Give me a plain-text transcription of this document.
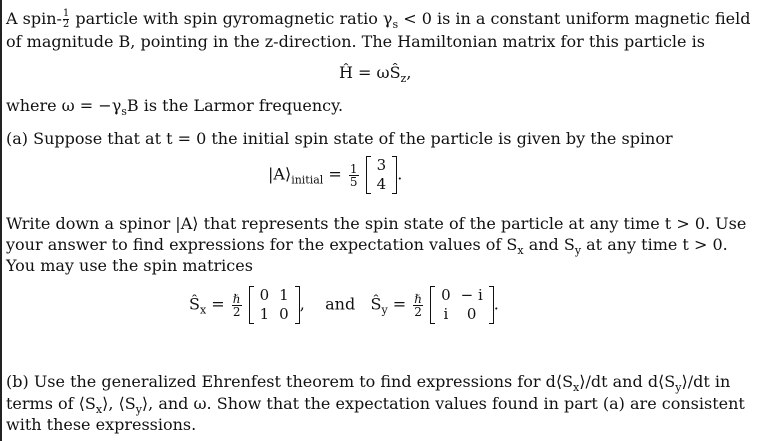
A spin- $\frac{1}{2}$ particle with spin gyromagnetic ratio $\gamma_s < 0$ is in a constant uniform magnetic field
of magnitude B, pointing in the z-direction. The Hamiltonian matrix for this particle is
Ĥ = $\omega Ŝ_z$,
where $\omega = -\gamma_sB$ is the Larmor frequency.
(a) Suppose that at t = 0 the initial spin state of the particle is given by the spinor
$|A⟩_{initial} = \frac{1}{5}$
3
4
.
Write down a spinor |A⟩ that represents the spin state of the particle at any time t > 0. Use
your answer to find expressions for the expectation values of $S_x$ and $S_y$ at any time t > 0.
You may use the spin matrices
$Ŝ_x = \frac{\text{ℏ}}{2}$
0	1
1	0
, and $Ŝ_y = \frac{\text{ℏ}}{2}$
0	− i
i	0
.
(b) Use the generalized Ehrenfest theorem to find expressions for $d⟨S_x⟩/dt$ and $d⟨S_y⟩/dt$ in
terms of $⟨S_x⟩$, $⟨S_y⟩$, and ω. Show that the expectation values found in part (a) are consistent
with these expressions.
